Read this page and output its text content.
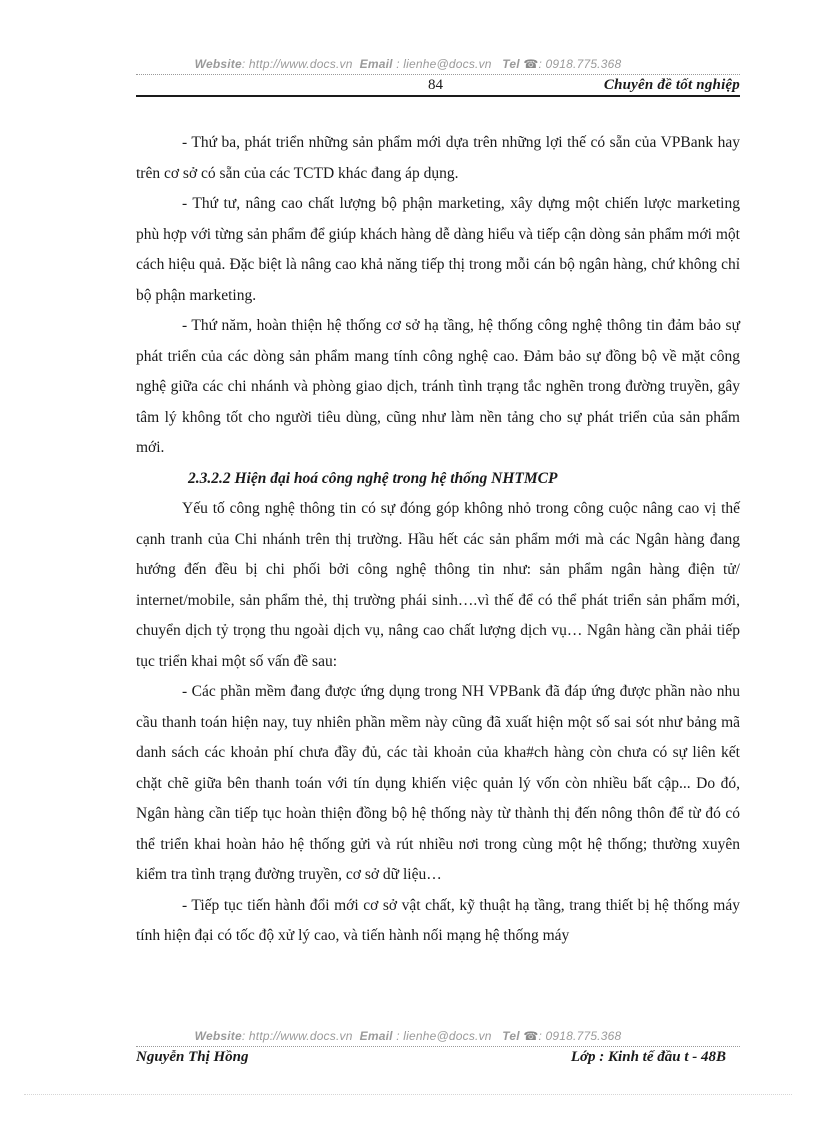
Website: http://www.docs.vn Email : lienhe@docs.vn Tel ☎: 0918.775.368
84	Chuyên đề tốt nghiệp

- Thứ ba, phát triển những sản phẩm mới dựa trên những lợi thế có sẵn của VPBank hay trên cơ sở có sẵn của các TCTD khác đang áp dụng.

- Thứ tư, nâng cao chất lượng bộ phận marketing, xây dựng một chiến lược marketing phù hợp với từng sản phẩm để giúp khách hàng dễ dàng hiểu và tiếp cận dòng sản phẩm mới một cách hiệu quả. Đặc biệt là nâng cao khả năng tiếp thị trong mỗi cán bộ ngân hàng, chứ không chỉ bộ phận marketing.

- Thứ năm, hoàn thiện hệ thống cơ sở hạ tầng, hệ thống công nghệ thông tin đảm bảo sự phát triển của các dòng sản phẩm mang tính công nghệ cao. Đảm bảo sự đồng bộ về mặt công nghệ giữa các chi nhánh và phòng giao dịch, tránh tình trạng tắc nghẽn trong đường truyền, gây tâm lý không tốt cho người tiêu dùng, cũng như làm nền tảng cho sự phát triển của sản phẩm mới.

2.3.2.2 Hiện đại hoá công nghệ trong hệ thống NHTMCP

Yếu tố công nghệ thông tin có sự đóng góp không nhỏ trong công cuộc nâng cao vị thế cạnh tranh của Chi nhánh trên thị trường. Hầu hết các sản phẩm mới mà các Ngân hàng đang hướng đến đều bị chi phối bởi công nghệ thông tin như: sản phẩm ngân hàng điện tử/ internet/mobile, sản phẩm thẻ, thị trường phái sinh….vì thế để có thể phát triển sản phẩm mới, chuyển dịch tỷ trọng thu ngoài dịch vụ, nâng cao chất lượng dịch vụ… Ngân hàng cần phải tiếp tục triển khai một số vấn đề sau:

- Các phần mềm đang được ứng dụng trong NH VPBank đã đáp ứng được phần nào nhu cầu thanh toán hiện nay, tuy nhiên phần mềm này cũng đã xuất hiện một số sai sót như bảng mã danh sách các khoản phí chưa đầy đủ, các tài khoản của kha#ch hàng còn chưa có sự liên kết chặt chẽ giữa bên thanh toán với tín dụng khiến việc quản lý vốn còn nhiều bất cập... Do đó, Ngân hàng cần tiếp tục hoàn thiện đồng bộ hệ thống này từ thành thị đến nông thôn để từ đó có thể triển khai hoàn hảo hệ thống gửi và rút nhiều nơi trong cùng một hệ thống; thường xuyên kiểm tra tình trạng đường truyền, cơ sở dữ liệu…

- Tiếp tục tiến hành đổi mới cơ sở vật chất, kỹ thuật hạ tầng, trang thiết bị hệ thống máy tính hiện đại có tốc độ xử lý cao, và tiến hành nối mạng hệ thống máy

Website: http://www.docs.vn Email : lienhe@docs.vn Tel ☎: 0918.775.368
Nguyễn Thị Hồng	Lớp : Kinh tế đầu t - 48B
